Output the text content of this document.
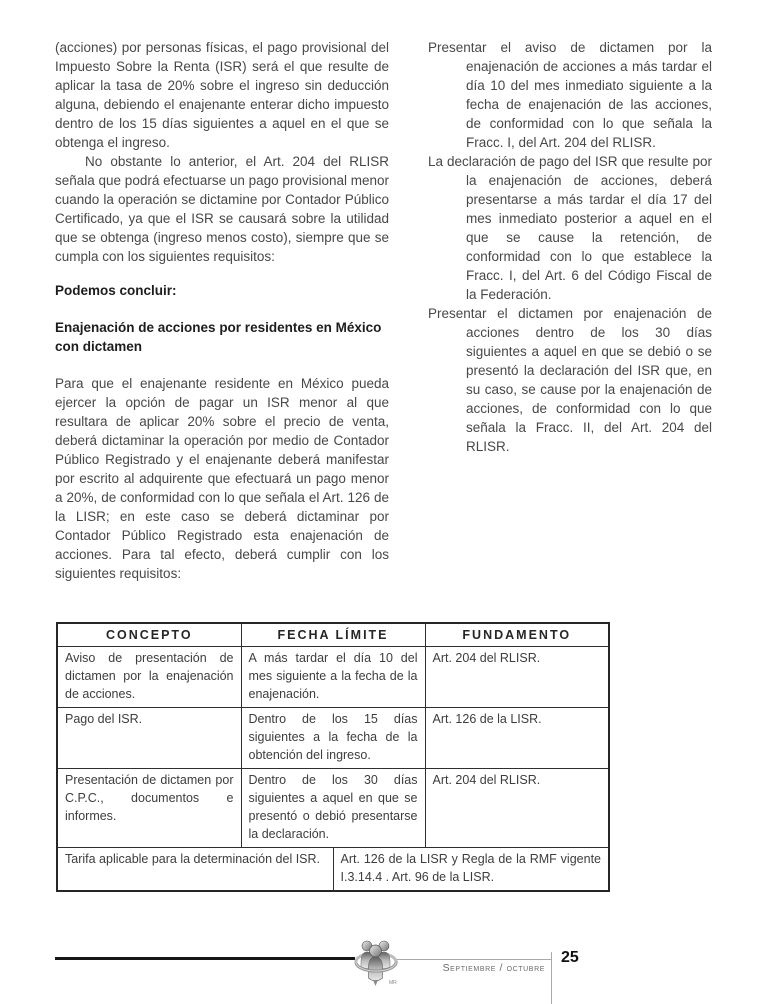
(acciones) por personas físicas, el pago provisional del Impuesto Sobre la Renta (ISR) será el que resulte de aplicar la tasa de 20% sobre el ingreso sin deducción alguna, debiendo el enajenante enterar dicho impuesto dentro de los 15 días siguientes a aquel en el que se obtenga el ingreso.

No obstante lo anterior, el Art. 204 del RLISR señala que podrá efectuarse un pago provisional menor cuando la operación se dictamine por Contador Público Certificado, ya que el ISR se causará sobre la utilidad que se obtenga (ingreso menos costo), siempre que se cumpla con los siguientes requisitos:

Podemos concluir:
Enajenación de acciones por residentes en México con dictamen

Para que el enajenante residente en México pueda ejercer la opción de pagar un ISR menor al que resultara de aplicar 20% sobre el precio de venta, deberá dictaminar la operación por medio de Contador Público Registrado y el enajenante deberá manifestar por escrito al adquirente que efectuará un pago menor a 20%, de conformidad con lo que señala el Art. 126 de la LISR; en este caso se deberá dictaminar por Contador Público Registrado esta enajenación de acciones. Para tal efecto, deberá cumplir con los siguientes requisitos:

Presentar el aviso de dictamen por la enajenación de acciones a más tardar el día 10 del mes inmediato siguiente a la fecha de enajenación de las acciones, de conformidad con lo que señala la Fracc. I, del Art. 204 del RLISR.

La declaración de pago del ISR que resulte por la enajenación de acciones, deberá presentarse a más tardar el día 17 del mes inmediato posterior a aquel en el que se cause la retención, de conformidad con lo que establece la Fracc. I, del Art. 6 del Código Fiscal de la Federación.

Presentar el dictamen por enajenación de acciones dentro de los 30 días siguientes a aquel en que se debió o se presentó la declaración del ISR que, en su caso, se cause por la enajenación de acciones, de conformidad con lo que señala la Fracc. II, del Art. 204 del RLISR.

CONCEPTO	FECHA LÍMITE		FUNDAMENTO
Aviso de presentación de dictamen por la enajenación de acciones.	A más tardar el día 10 del mes siguiente a la fecha de la enajenación.		Art. 204 del RLISR.
Pago del ISR.	Dentro de los 15 días siguientes a la fecha de la obtención del ingreso.		Art. 126 de la LISR.
Presentación de dictamen por C.P.C., documentos e informes.	Dentro de los 30 días siguientes a aquel en que se presentó o debió presentarse la declaración.		Art. 204 del RLISR.
Tarifa aplicable para la determinación del ISR.		Art. 126 de la LISR y Regla de la RMF vigente I.3.14.4 . Art. 96 de la LISR.	
MR
Septiembre / octubre
25
